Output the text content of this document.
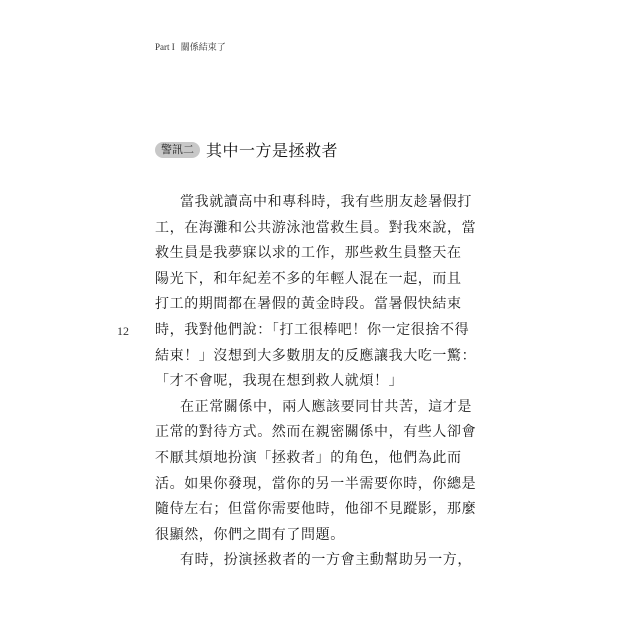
Part I 關係結束了
警訊二 其中一方是拯救者
12
當我就讀高中和專科時，我有些朋友趁暑假打
工，在海灘和公共游泳池當救生員。對我來說，當
救生員是我夢寐以求的工作，那些救生員整天在
陽光下，和年紀差不多的年輕人混在一起，而且
打工的期間都在暑假的黃金時段。當暑假快結束
時，我對他們說：「打工很棒吧！你一定很捨不得
結束！」沒想到大多數朋友的反應讓我大吃一驚：
「才不會呢，我現在想到救人就煩！」
在正常關係中，兩人應該要同甘共苦，這才是
正常的對待方式。然而在親密關係中，有些人卻會
不厭其煩地扮演「拯救者」的角色，他們為此而
活。如果你發現，當你的另一半需要你時，你總是
隨侍左右；但當你需要他時，他卻不見蹤影，那麼
很顯然，你們之間有了問題。
有時，扮演拯救者的一方會主動幫助另一方，
